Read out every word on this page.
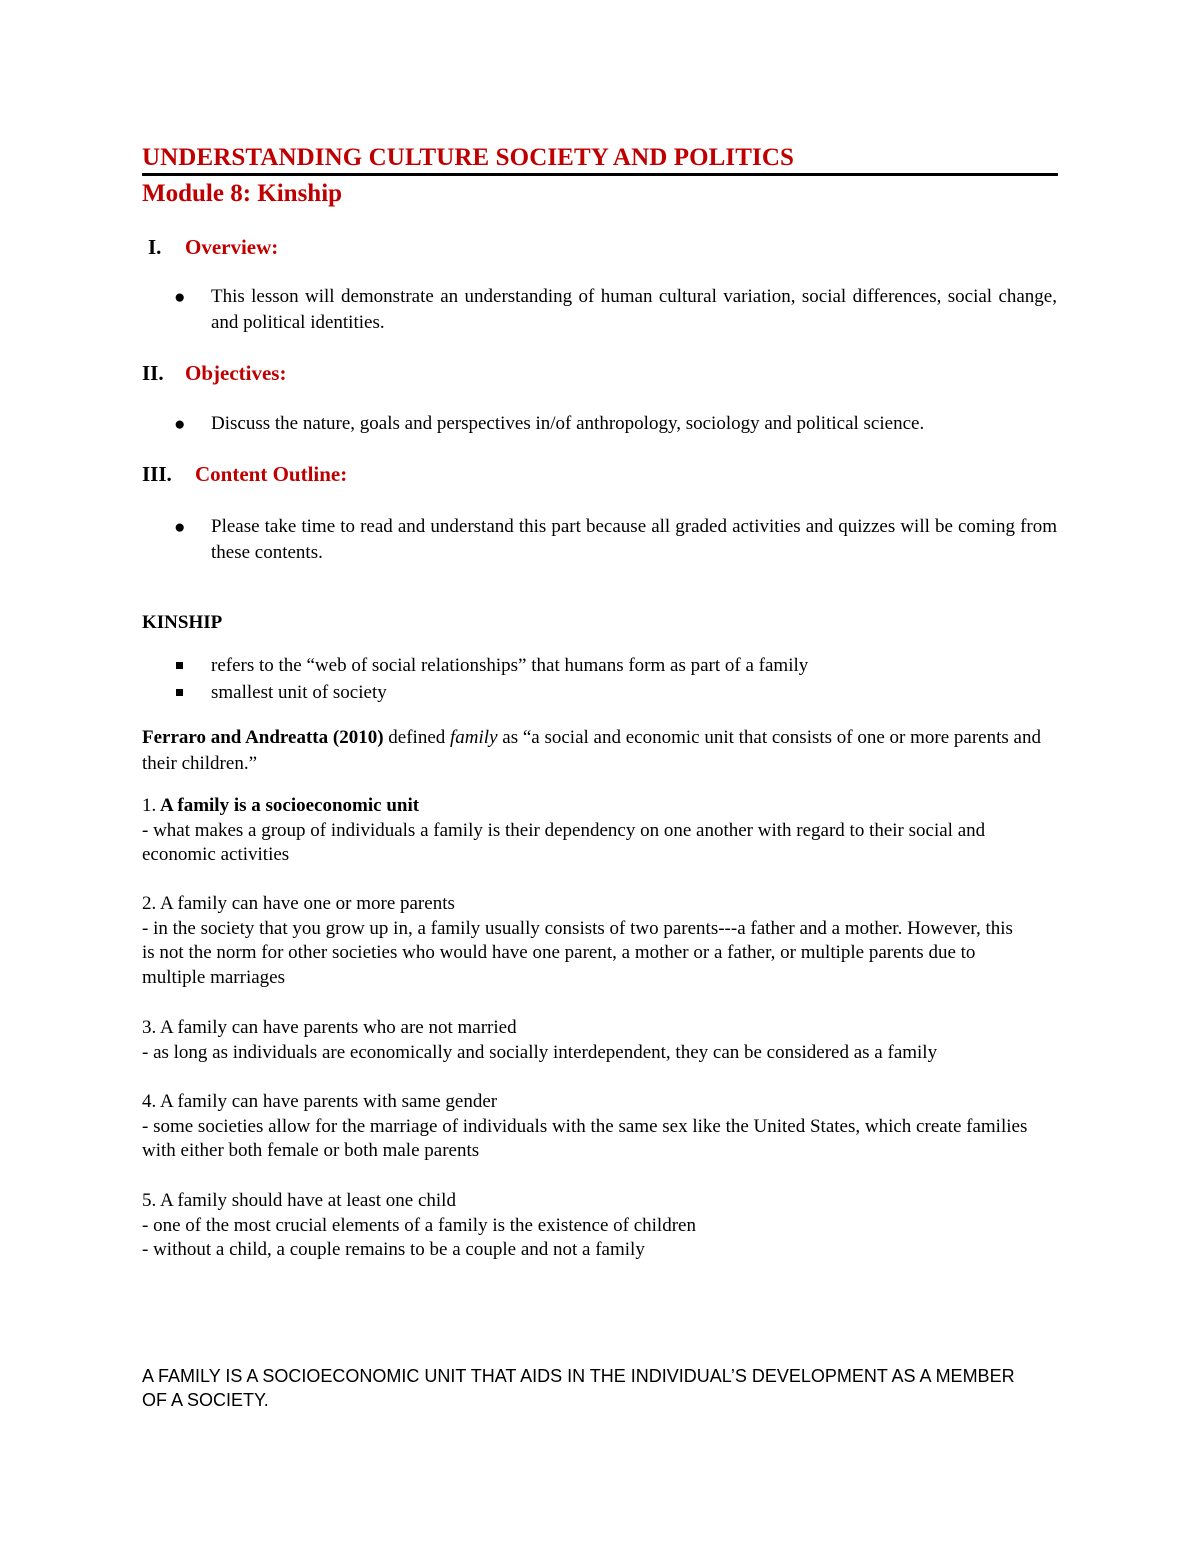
UNDERSTANDING CULTURE SOCIETY AND POLITICS
Module 8: Kinship
I. Overview:
● This lesson will demonstrate an understanding of human cultural variation, social differences, social change, and political identities.
II. Objectives:
● Discuss the nature, goals and perspectives in/of anthropology, sociology and political science.
III. Content Outline:
● Please take time to read and understand this part because all graded activities and quizzes will be coming from these contents.
KINSHIP
refers to the “web of social relationships” that humans form as part of a family
smallest unit of society
Ferraro and Andreatta (2010) defined family as “a social and economic unit that consists of one or more parents and their children.”
1. A family is a socioeconomic unit
- what makes a group of individuals a family is their dependency on one another with regard to their social and economic activities
2. A family can have one or more parents
- in the society that you grow up in, a family usually consists of two parents---a father and a mother. However, this is not the norm for other societies who would have one parent, a mother or a father, or multiple parents due to multiple marriages
3. A family can have parents who are not married
- as long as individuals are economically and socially interdependent, they can be considered as a family
4. A family can have parents with same gender
- some societies allow for the marriage of individuals with the same sex like the United States, which create families with either both female or both male parents
5. A family should have at least one child
- one of the most crucial elements of a family is the existence of children
- without a child, a couple remains to be a couple and not a family
A FAMILY IS A SOCIOECONOMIC UNIT THAT AIDS IN THE INDIVIDUAL’S DEVELOPMENT AS A MEMBER OF A SOCIETY.
